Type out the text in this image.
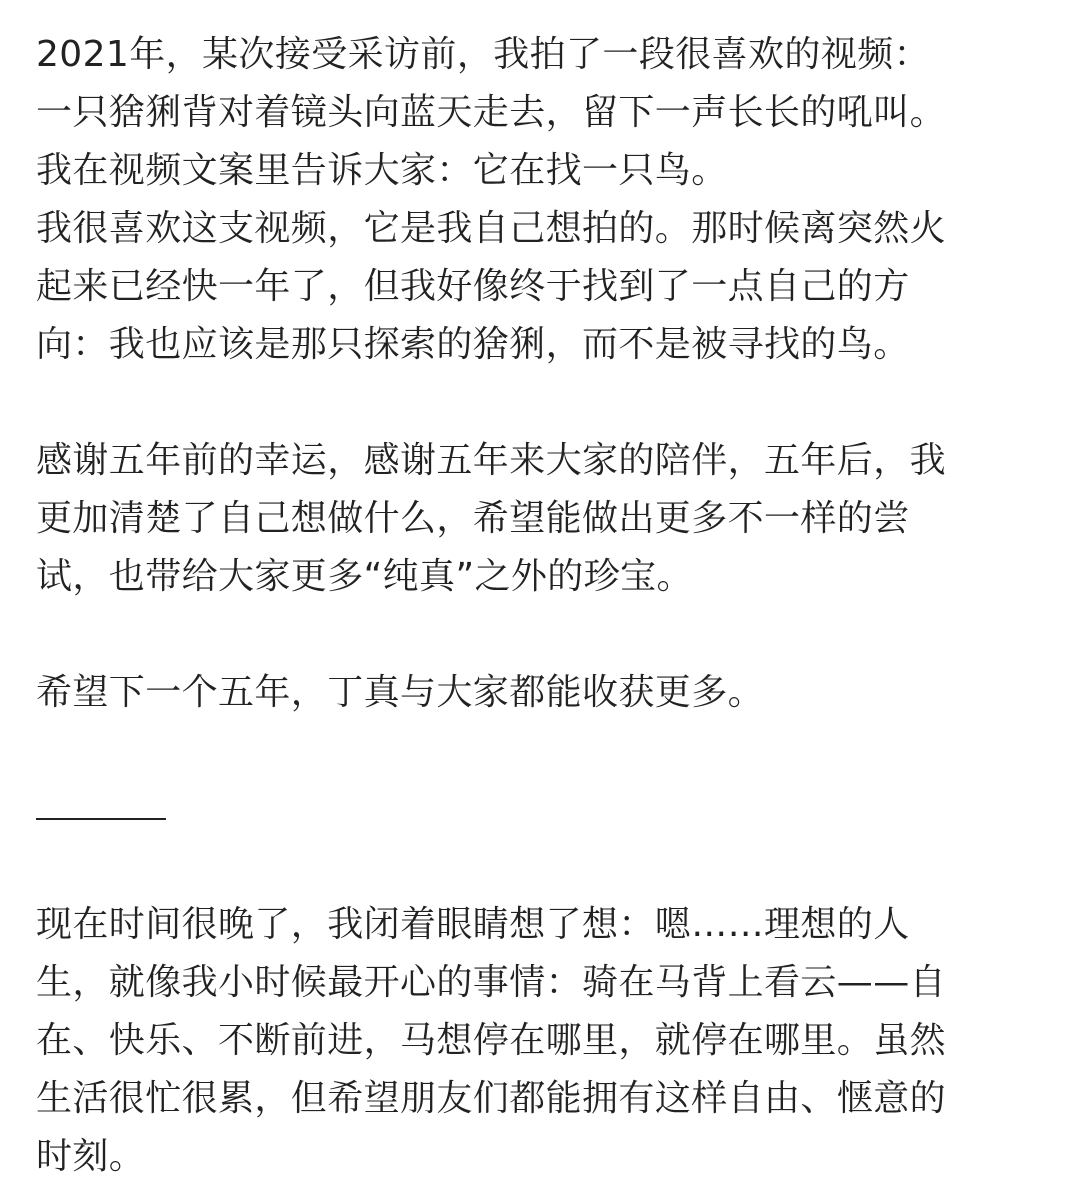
2021年，某次接受采访前，我拍了一段很喜欢的视频：
一只猞猁背对着镜头向蓝天走去，留下一声长长的吼叫。
我在视频文案里告诉大家：它在找一只鸟。
我很喜欢这支视频，它是我自己想拍的。那时候离突然火
起来已经快一年了，但我好像终于找到了一点自己的方
向：我也应该是那只探索的猞猁，而不是被寻找的鸟。
感谢五年前的幸运，感谢五年来大家的陪伴，五年后，我
更加清楚了自己想做什么，希望能做出更多不一样的尝
试，也带给大家更多“纯真”之外的珍宝。
希望下一个五年，丁真与大家都能收获更多。
现在时间很晚了，我闭着眼睛想了想：嗯……理想的人
生，就像我小时候最开心的事情：骑在马背上看云——自
在、快乐、不断前进，马想停在哪里，就停在哪里。虽然
生活很忙很累，但希望朋友们都能拥有这样自由、惬意的
时刻。
